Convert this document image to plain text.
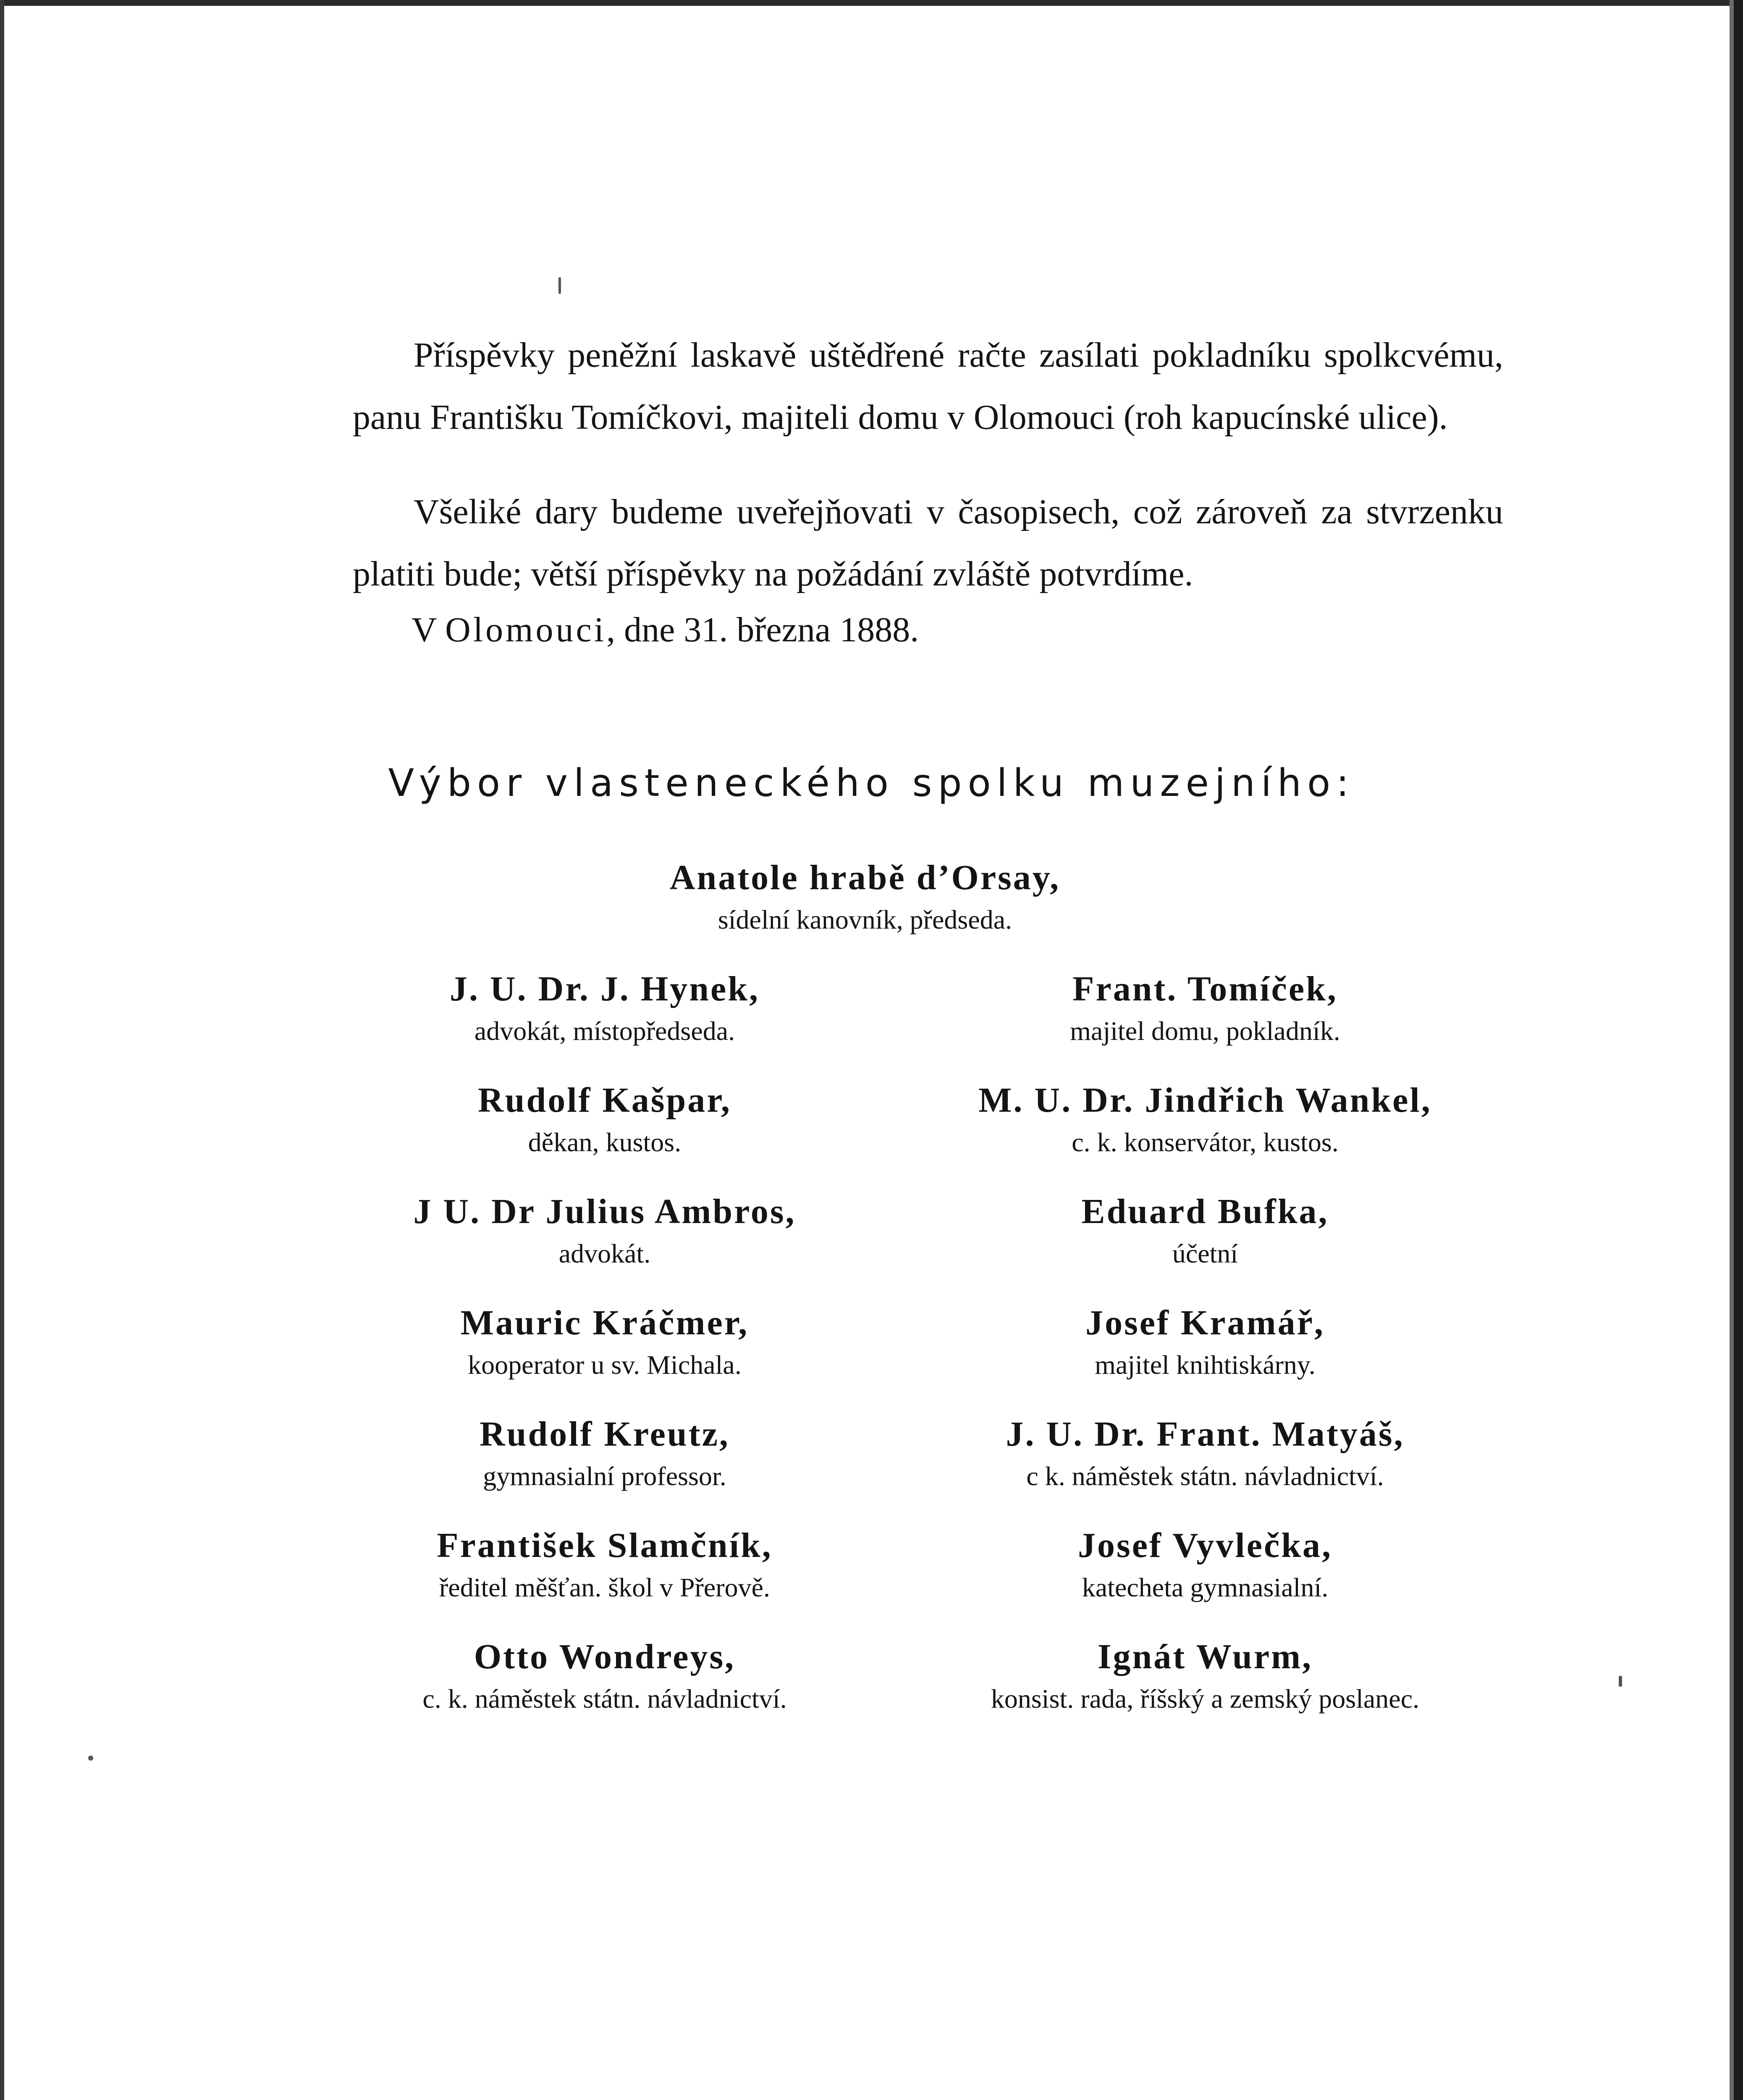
Příspěvky peněžní laskavě uštědřené račte zasílati pokladníku spolkcvému, panu Františku Tomíčkovi, majiteli domu v Olomouci (roh kapucínské ulice).

Všeliké dary budeme uveřejňovati v časopisech, což zároveň za stvrzenku platiti bude; větší příspěvky na požádání zvláště potvrdíme.

V Olomouci, dne 31. března 1888.
Výbor vlasteneckého spolku muzejního:
Anatole hrabě d’Orsay,
sídelní kanovník, předseda.
J. U. Dr. J. Hynek,
advokát, místopředseda.
Rudolf Kašpar,
děkan, kustos.
J U. Dr Julius Ambros,
advokát.
Mauric Kráčmer,
kooperator u sv. Michala.
Rudolf Kreutz,
gymnasialní professor.
František Slamčník,
ředitel měšťan. škol v Přerově.
Otto Wondreys,
c. k. náměstek státn. návladnictví.
Frant. Tomíček,
majitel domu, pokladník.
M. U. Dr. Jindřich Wankel,
c. k. konservátor, kustos.
Eduard Bufka,
účetní
Josef Kramář,
majitel knihtiskárny.
J. U. Dr. Frant. Matyáš,
c k. náměstek státn. návladnictví.
Josef Vyvlečka,
katecheta gymnasialní.
Ignát Wurm,
konsist. rada, říšský a zemský poslanec.
